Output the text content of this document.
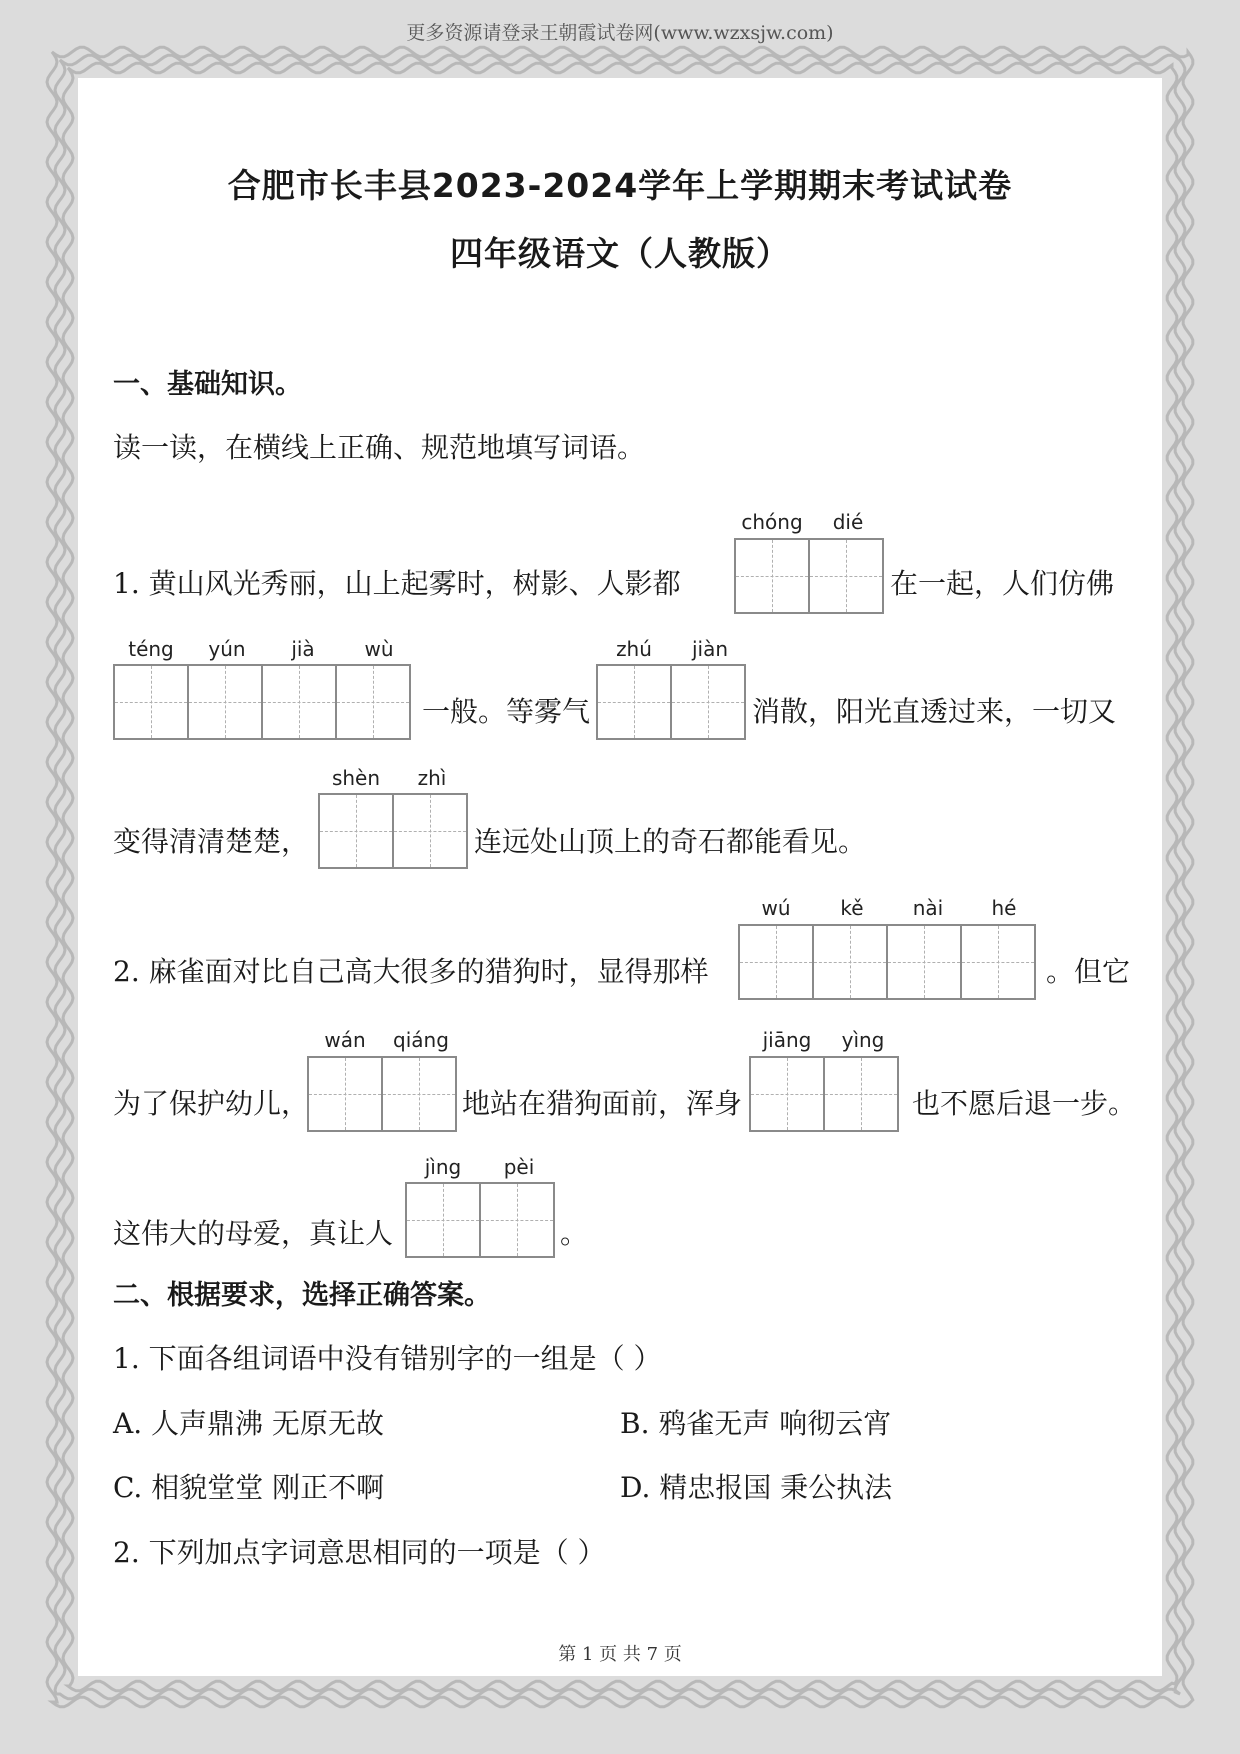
更多资源请登录王朝霞试卷网(www.wzxsjw.com)
合肥市长丰县2023-2024学年上学期期末考试试卷
四年级语文（人教版）
一、基础知识。
读一读，在横线上正确、规范地填写词语。
1. 黄山风光秀丽，山上起雾时，树影、人影都
chóng	dié
在一起，人们仿佛
téng	yún	jià	wù
一般。等雾气
zhú	jiàn
消散，阳光直透过来，一切又
变得清清楚楚，
shèn	zhì
连远处山顶上的奇石都能看见。
2. 麻雀面对比自己高大很多的猎狗时，显得那样
wú	kě	nài	hé
。但它
为了保护幼儿，
wán	qiáng
地站在猎狗面前，浑身
jiāng	yìng
也不愿后退一步。
这伟大的母爱，真让人
jìng	pèi
。
二、根据要求，选择正确答案。
1. 下面各组词语中没有错别字的一组是（ ）
A. 人声鼎沸 无原无故	B. 鸦雀无声 响彻云宵
C. 相貌堂堂 刚正不啊	D. 精忠报国 秉公执法
2. 下列加点字词意思相同的一项是（ ）
第 1 页 共 7 页
